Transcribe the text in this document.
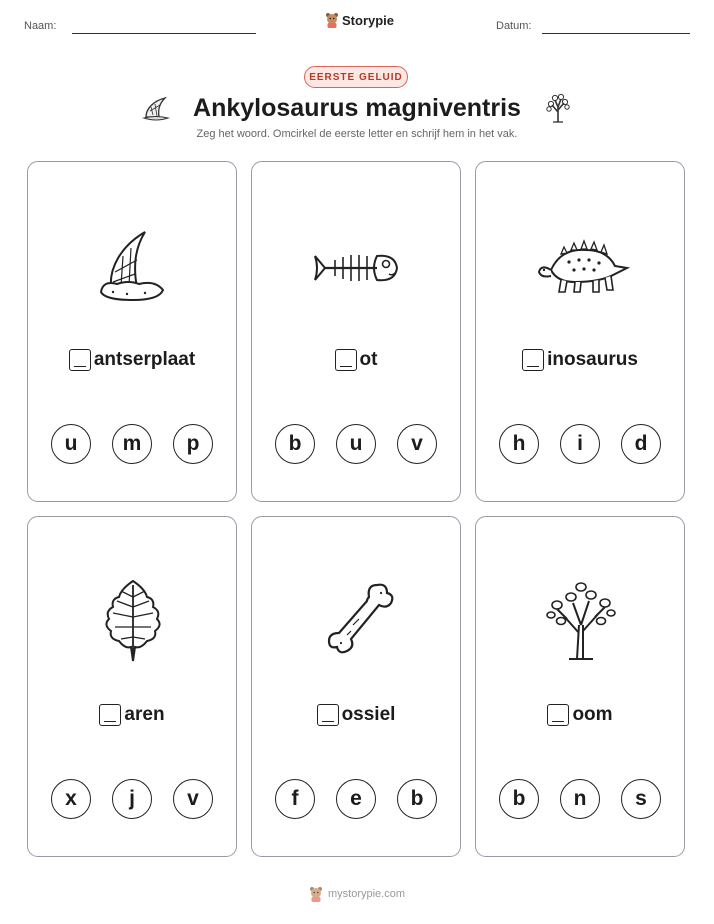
Naam:	Storypie	Datum:
EERSTE GELUID
Ankylosaurus magniventris
Zeg het woord. Omcirkel de eerste letter en schrijf hem in het vak.
antserplaat
u	m	p
ot
b	u	v
inosaurus
h	i	d
aren
x	j	v
ossiel
f	e	b
oom
b	n	s
mystorypie.com
